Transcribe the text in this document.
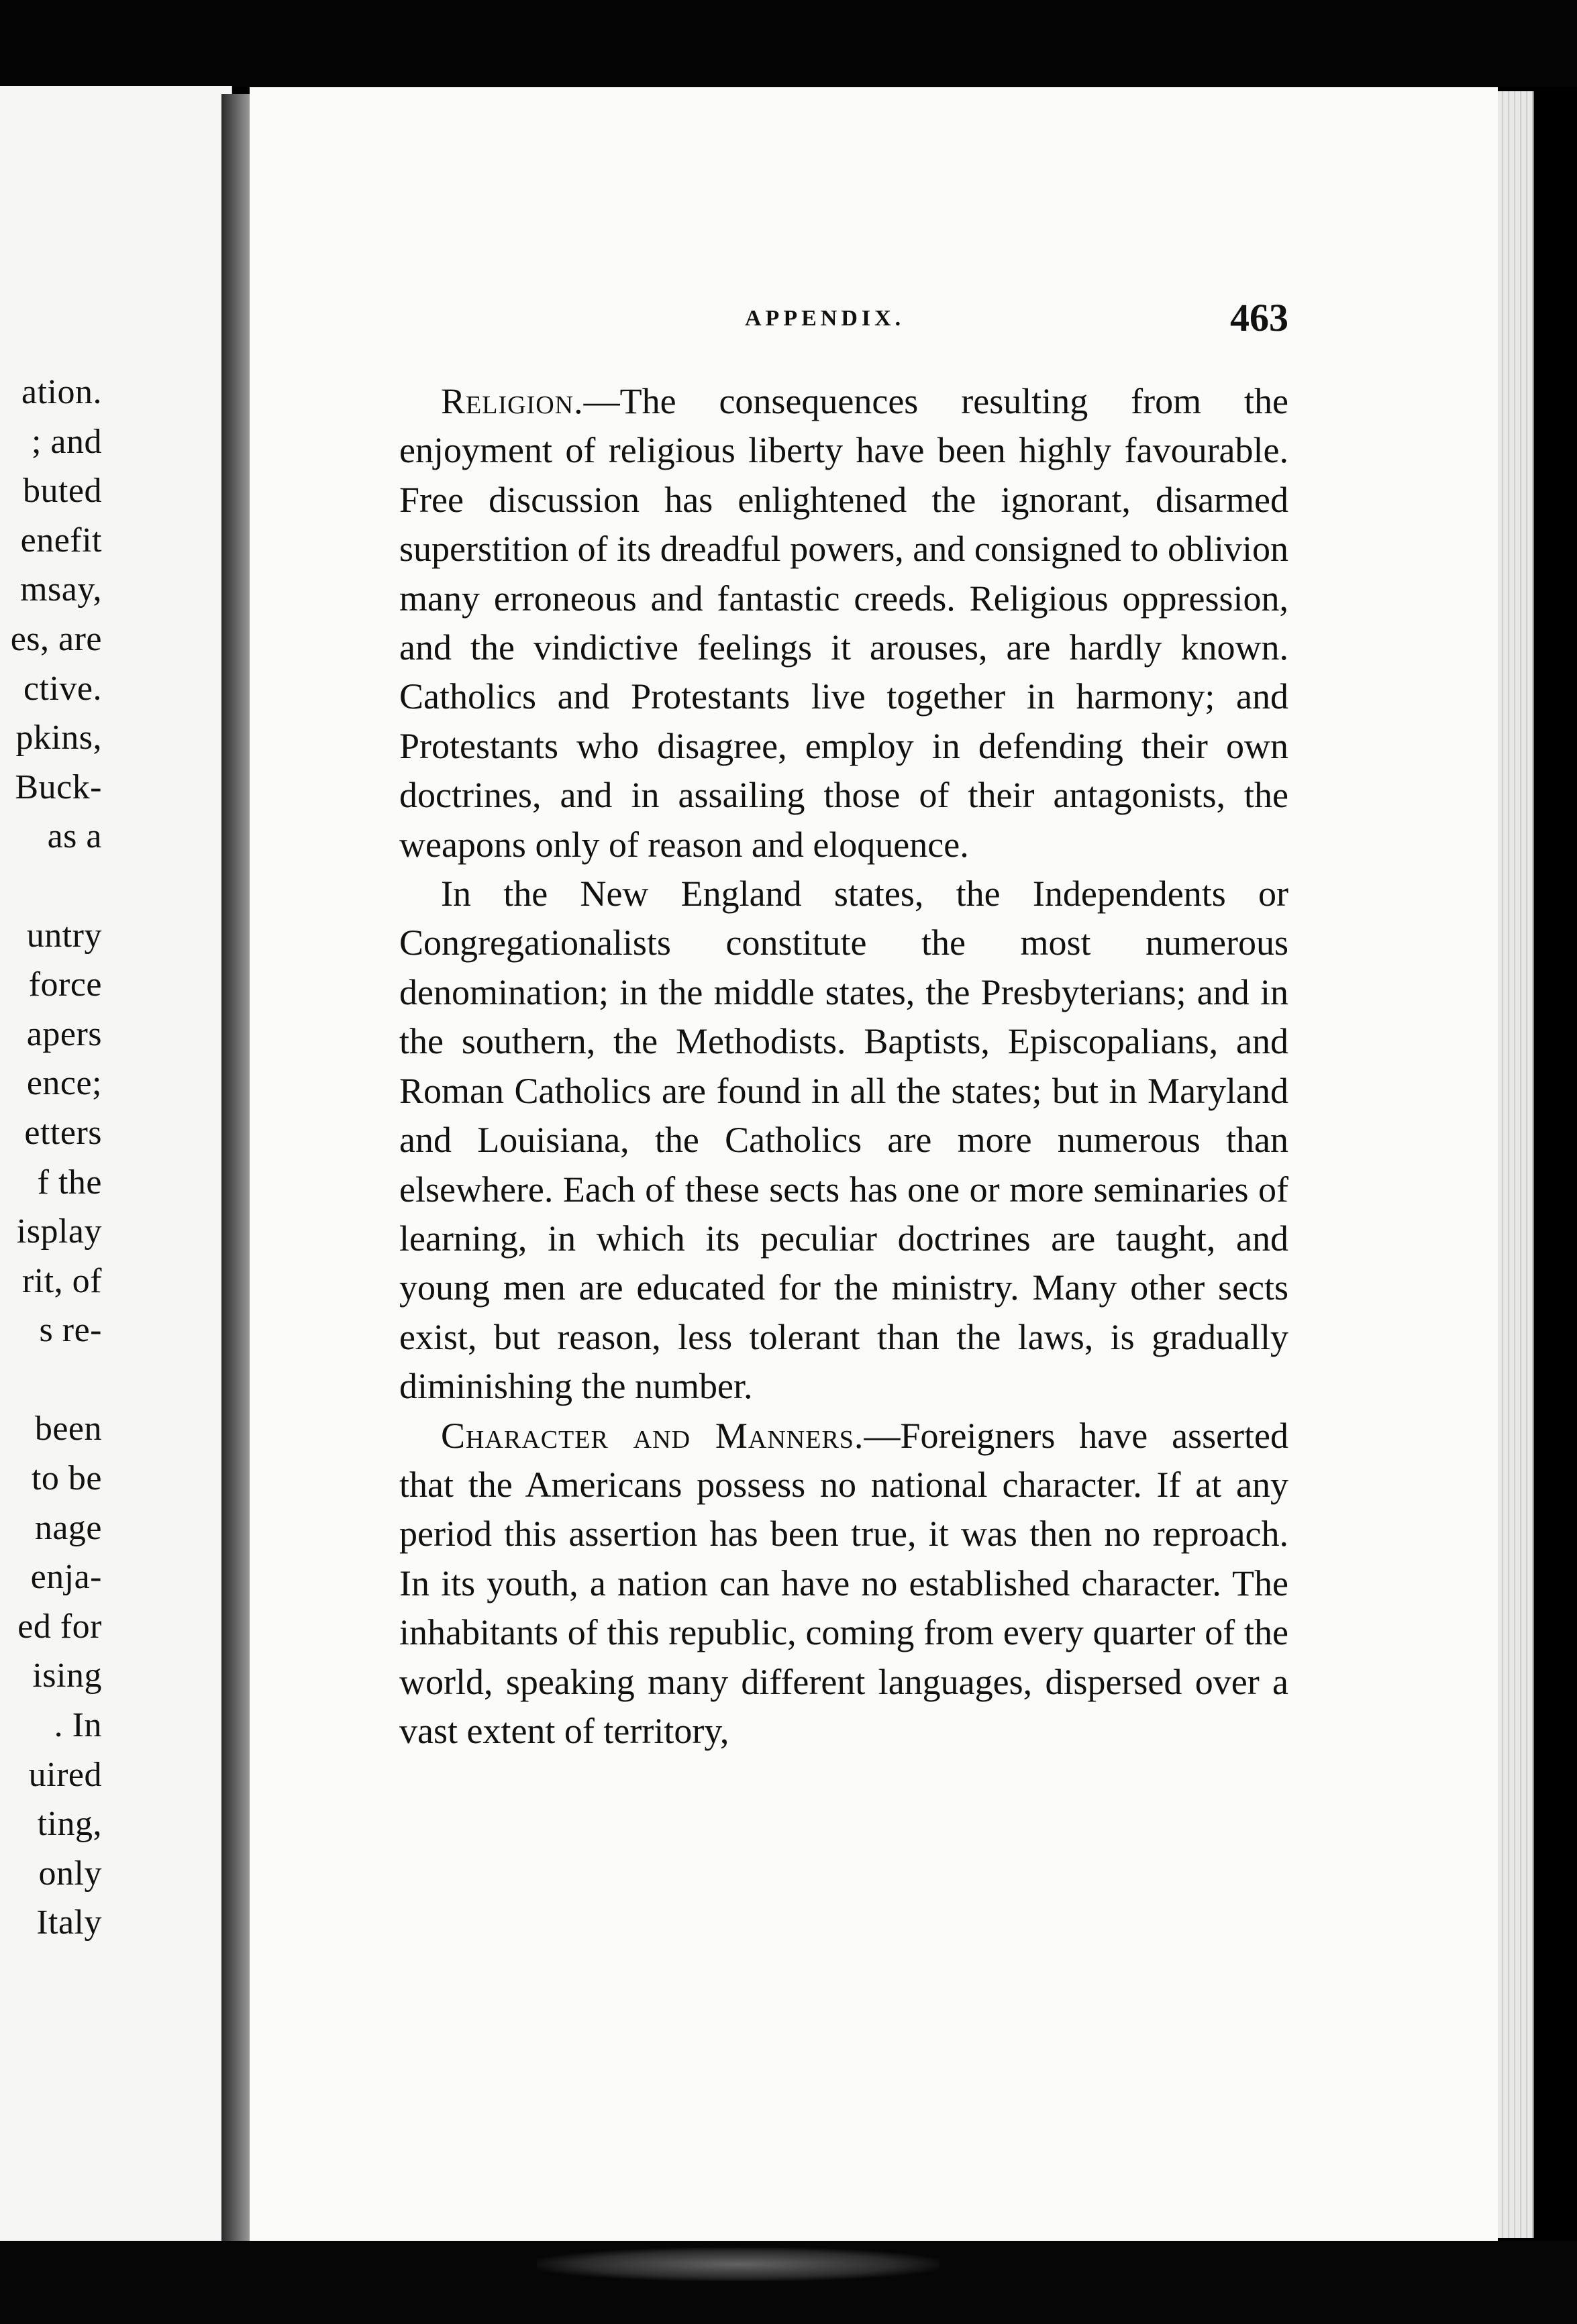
ation.
; and
buted
enefit
msay,
es, are
ctive.
pkins,
Buck-
as a
untry
force
apers
ence;
etters
f the
isplay
rit, of
s re-
been
to be
nage
enja-
ed for
ising
. In
uired
ting,
only
Italy
APPENDIX.	463

Religion.—The consequences resulting from the enjoyment of religious liberty have been highly favourable. Free discussion has enlightened the ignorant, disarmed superstition of its dreadful powers, and consigned to oblivion many erroneous and fantastic creeds. Religious oppression, and the vindictive feelings it arouses, are hardly known. Catholics and Protestants live together in harmony; and Protestants who disagree, employ in defending their own doctrines, and in assailing those of their antagonists, the weapons only of reason and eloquence.

In the New England states, the Independents or Congregationalists constitute the most numerous denomination; in the middle states, the Presbyterians; and in the southern, the Methodists. Baptists, Episcopalians, and Roman Catholics are found in all the states; but in Maryland and Louisiana, the Catholics are more numerous than elsewhere. Each of these sects has one or more seminaries of learning, in which its peculiar doctrines are taught, and young men are educated for the ministry. Many other sects exist, but reason, less tolerant than the laws, is gradually diminishing the number.

Character and Manners.—Foreigners have asserted that the Americans possess no national character. If at any period this assertion has been true, it was then no reproach. In its youth, a nation can have no established character. The inhabitants of this republic, coming from every quarter of the world, speaking many different languages, dispersed over a vast extent of territory,
